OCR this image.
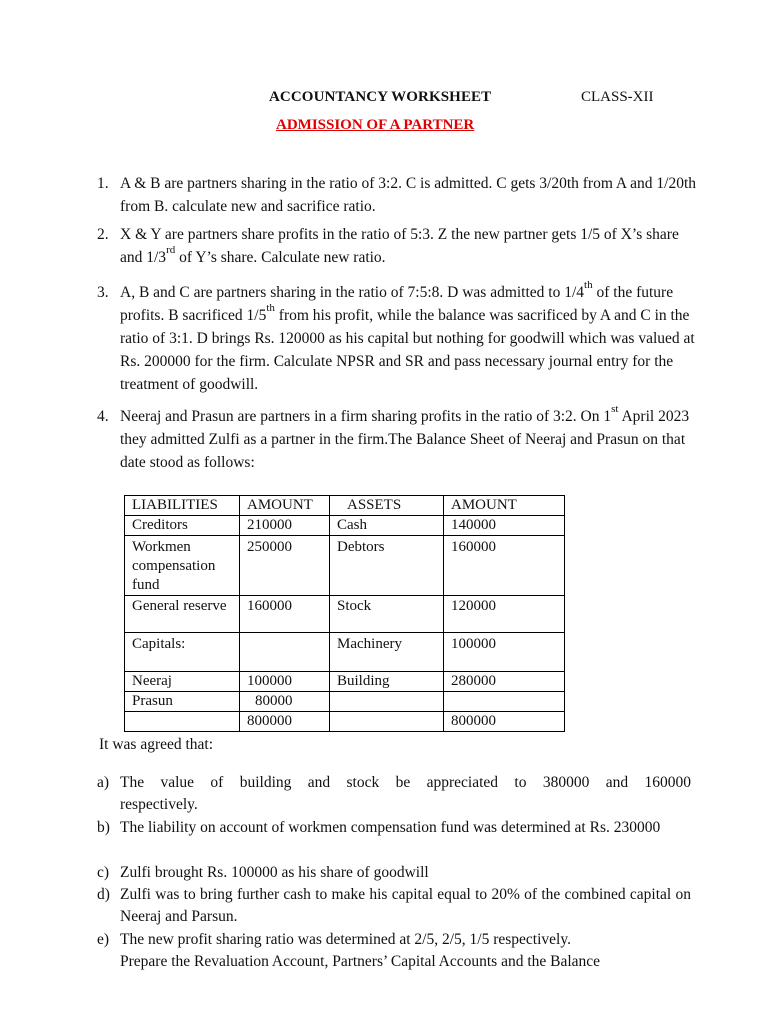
ACCOUNTANCY WORKSHEET	CLASS-XII
ADMISSION OF A PARTNER
1. A & B are partners sharing in the ratio of 3:2. C is admitted. C gets 3/20th from A and 1/20th from B. calculate new and sacrifice ratio.
2. X & Y are partners share profits in the ratio of 5:3. Z the new partner gets 1/5 of X’s share and 1/3rd of Y’s share. Calculate new ratio.
3. A, B and C are partners sharing in the ratio of 7:5:8. D was admitted to 1/4th of the future profits. B sacrificed 1/5th from his profit, while the balance was sacrificed by A and C in the ratio of 3:1. D brings Rs. 120000 as his capital but nothing for goodwill which was valued at Rs. 200000 for the firm. Calculate NPSR and SR and pass necessary journal entry for the treatment of goodwill.
4. Neeraj and Prasun are partners in a firm sharing profits in the ratio of 3:2. On 1st April 2023 they admitted Zulfi as a partner in the firm.The Balance Sheet of Neeraj and Prasun on that date stood as follows:
LIABILITIES	AMOUNT	ASSETS	AMOUNT
Creditors	210000	Cash	140000
Workmen compensation fund	250000	Debtors	160000
General reserve	160000	Stock	120000
Capitals:		Machinery	100000
Neeraj	100000	Building	280000
Prasun	80000		
	800000		800000
It was agreed that:
a) The value of building and stock be appreciated to 380000 and 160000 respectively.
b) The liability on account of workmen compensation fund was determined at Rs. 230000
c) Zulfi brought Rs. 100000 as his share of goodwill
d) Zulfi was to bring further cash to make his capital equal to 20% of the combined capital on Neeraj and Parsun.
e) The new profit sharing ratio was determined at 2/5, 2/5, 1/5 respectively.
Prepare the Revaluation Account, Partners’ Capital Accounts and the Balance
